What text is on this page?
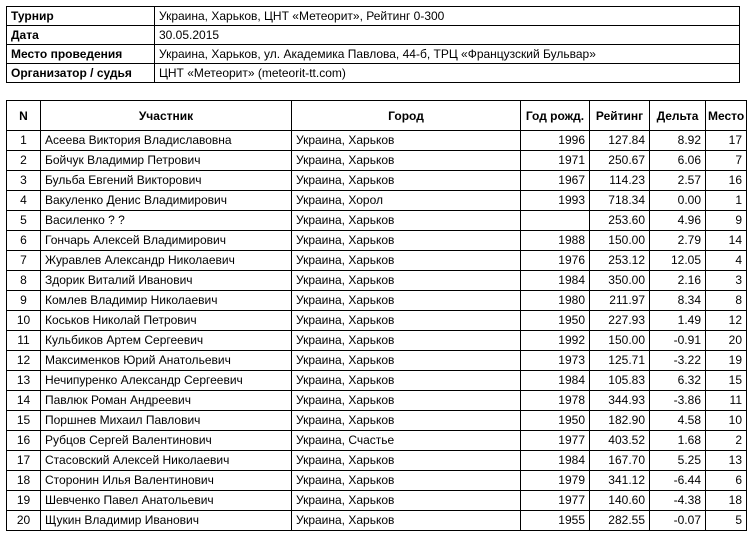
Турнир	Украина, Харьков, ЦНТ «Метеорит», Рейтинг 0-300
Дата	30.05.2015
Место проведения	Украина, Харьков, ул. Академика Павлова, 44-б, ТРЦ «Французский Бульвар»
Организатор / судья	ЦНТ «Метеорит» (meteorit-tt.com)
N	Участник	Город	Год рожд.	Рейтинг	Дельта	Место
1	Асеева Виктория Владиславовна	Украина, Харьков	1996	127.84	8.92	17
2	Бойчук Владимир Петрович	Украина, Харьков	1971	250.67	6.06	7
3	Бульба Евгений Викторович	Украина, Харьков	1967	114.23	2.57	16
4	Вакуленко Денис Владимирович	Украина, Хорол	1993	718.34	0.00	1
5	Василенко ? ?	Украина, Харьков		253.60	4.96	9
6	Гончарь Алексей Владимирович	Украина, Харьков	1988	150.00	2.79	14
7	Журавлев Александр Николаевич	Украина, Харьков	1976	253.12	12.05	4
8	Здорик Виталий Иванович	Украина, Харьков	1984	350.00	2.16	3
9	Комлев Владимир Николаевич	Украина, Харьков	1980	211.97	8.34	8
10	Коськов Николай Петрович	Украина, Харьков	1950	227.93	1.49	12
11	Кульбиков Артем Сергеевич	Украина, Харьков	1992	150.00	-0.91	20
12	Максименков Юрий Анатольевич	Украина, Харьков	1973	125.71	-3.22	19
13	Нечипуренко Александр Сергеевич	Украина, Харьков	1984	105.83	6.32	15
14	Павлюк Роман Андреевич	Украина, Харьков	1978	344.93	-3.86	11
15	Поршнев Михаил Павлович	Украина, Харьков	1950	182.90	4.58	10
16	Рубцов Сергей Валентинович	Украина, Счастье	1977	403.52	1.68	2
17	Стасовский Алексей Николаевич	Украина, Харьков	1984	167.70	5.25	13
18	Сторонин Илья Валентинович	Украина, Харьков	1979	341.12	-6.44	6
19	Шевченко Павел Анатольевич	Украина, Харьков	1977	140.60	-4.38	18
20	Щукин Владимир Иванович	Украина, Харьков	1955	282.55	-0.07	5
